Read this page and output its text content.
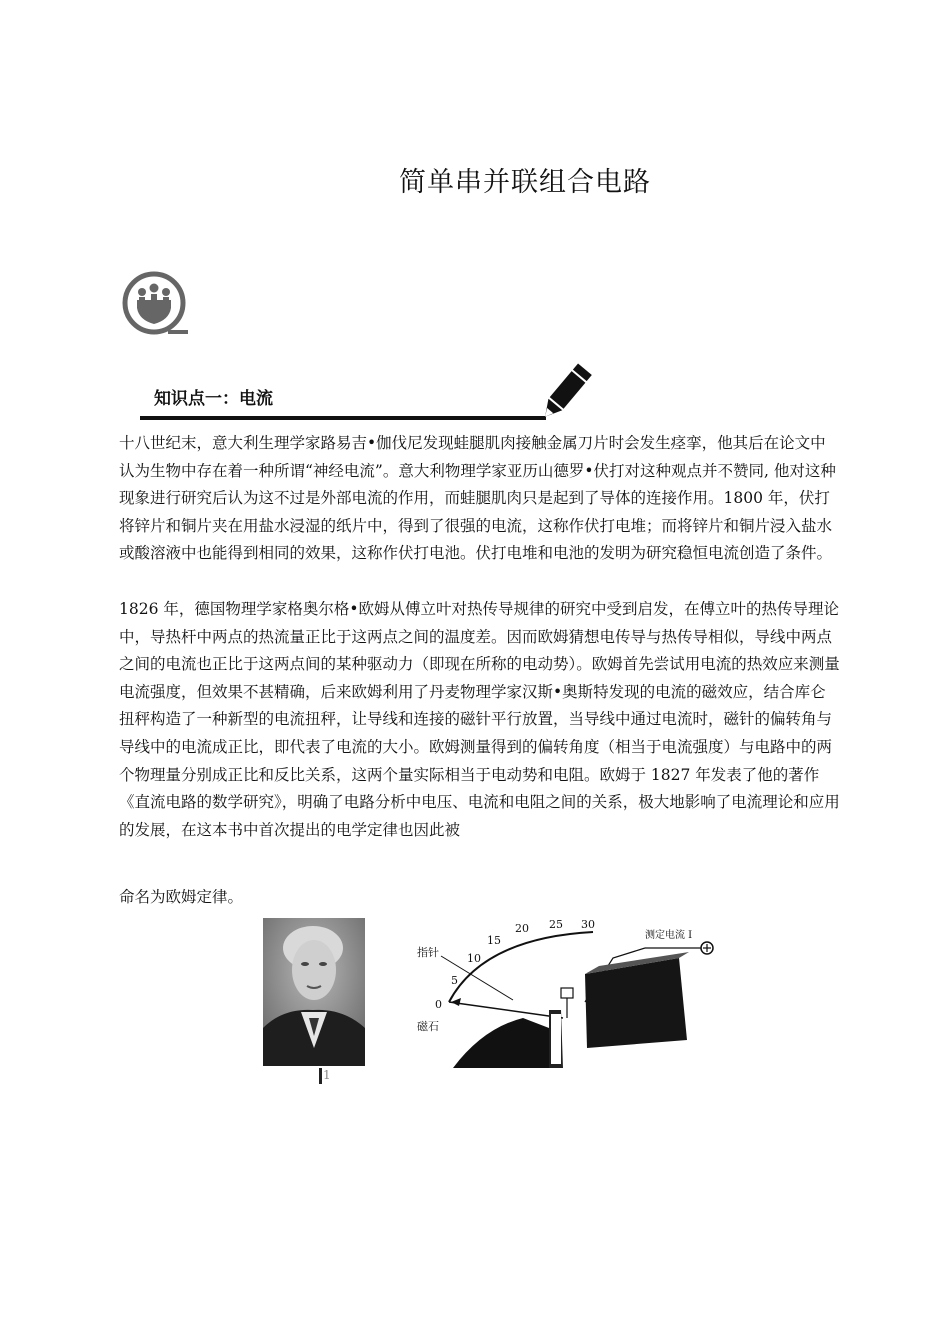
简单串并联组合电路
知识点一：电流

十八世纪末，意大利生理学家路易吉•伽伐尼发现蛙腿肌肉接触金属刀片时会发生痉挛，他其后在论文中认为生物中存在着一种所谓“神经电流”。意大利物理学家亚历山德罗•伏打对这种观点并不赞同, 他对这种现象进行研究后认为这不过是外部电流的作用，而蛙腿肌肉只是起到了导体的连接作用。1800 年，伏打将锌片和铜片夹在用盐水浸湿的纸片中，得到了很强的电流，这称作伏打电堆；而将锌片和铜片浸入盐水或酸溶液中也能得到相同的效果，这称作伏打电池。伏打电堆和电池的发明为研究稳恒电流创造了条件。

1826 年，德国物理学家格奥尔格•欧姆从傅立叶对热传导规律的研究中受到启发，在傅立叶的热传导理论中，导热杆中两点的热流量正比于这两点之间的温度差。因而欧姆猜想电传导与热传导相似，导线中两点之间的电流也正比于这两点间的某种驱动力（即现在所称的电动势）。欧姆首先尝试用电流的热效应来测量电流强度，但效果不甚精确，后来欧姆利用了丹麦物理学家汉斯•奥斯特发现的电流的磁效应，结合库仑扭秤构造了一种新型的电流扭秤，让导线和连接的磁针平行放置，当导线中通过电流时，磁针的偏转角与导线中的电流成正比，即代表了电流的大小。欧姆测量得到的偏转角度（相当于电流强度）与电路中的两个物理量分别成正比和反比关系，这两个量实际相当于电动势和电阻。欧姆于 1827 年发表了他的著作《直流电路的数学研究》，明确了电路分析中电压、电流和电阻之间的关系，极大地影响了电流理论和应用的发展，在这本书中首次提出的电学定律也因此被

命名为欧姆定律。

1
0
5
10
15
20 25 30
指针
磁石
测定电流 I
